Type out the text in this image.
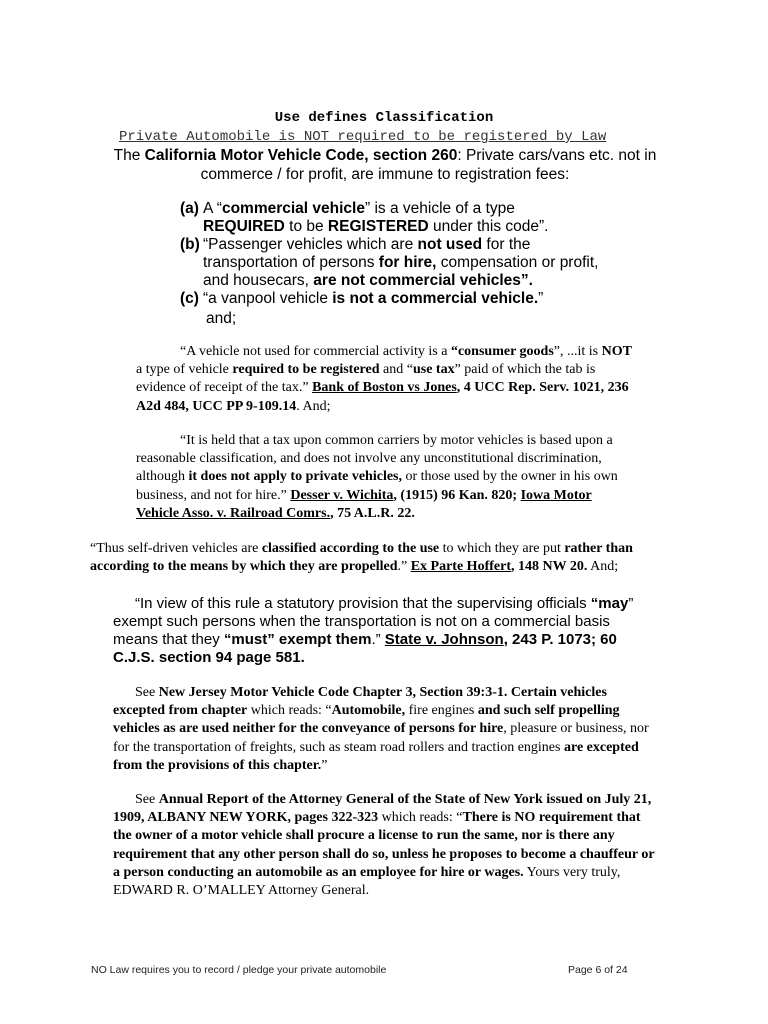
Use defines Classification
Private Automobile is NOT required to be registered by Law
The California Motor Vehicle Code, section 260: Private cars/vans etc. not in commerce / for profit, are immune to registration fees:
(a) A “commercial vehicle” is a vehicle of a type REQUIRED to be REGISTERED under this code”.
(b) “Passenger vehicles which are not used for the transportation of persons for hire, compensation or profit, and housecars, are not commercial vehicles”.
(c) “a vanpool vehicle is not a commercial vehicle.”
and;
“A vehicle not used for commercial activity is a “consumer goods”, ...it is NOT a type of vehicle required to be registered and “use tax” paid of which the tab is evidence of receipt of the tax.” Bank of Boston vs Jones, 4 UCC Rep. Serv. 1021, 236 A2d 484, UCC PP 9-109.14. And;
“It is held that a tax upon common carriers by motor vehicles is based upon a reasonable classification, and does not involve any unconstitutional discrimination, although it does not apply to private vehicles, or those used by the owner in his own business, and not for hire.” Desser v. Wichita, (1915) 96 Kan. 820; Iowa Motor Vehicle Asso. v. Railroad Comrs., 75 A.L.R. 22.
“Thus self-driven vehicles are classified according to the use to which they are put rather than according to the means by which they are propelled.” Ex Parte Hoffert, 148 NW 20. And;
“In view of this rule a statutory provision that the supervising officials “may” exempt such persons when the transportation is not on a commercial basis means that they “must” exempt them.” State v. Johnson, 243 P. 1073; 60 C.J.S. section 94 page 581.
See New Jersey Motor Vehicle Code Chapter 3, Section 39:3-1. Certain vehicles excepted from chapter which reads: “Automobile, fire engines and such self propelling vehicles as are used neither for the conveyance of persons for hire, pleasure or business, nor for the transportation of freights, such as steam road rollers and traction engines are excepted from the provisions of this chapter.”
See Annual Report of the Attorney General of the State of New York issued on July 21, 1909, ALBANY NEW YORK, pages 322-323 which reads: “There is NO requirement that the owner of a motor vehicle shall procure a license to run the same, nor is there any requirement that any other person shall do so, unless he proposes to become a chauffeur or a person conducting an automobile as an employee for hire or wages. Yours very truly, EDWARD R. O’MALLEY Attorney General.
NO Law requires you to record / pledge your private automobile	Page 6 of 24
